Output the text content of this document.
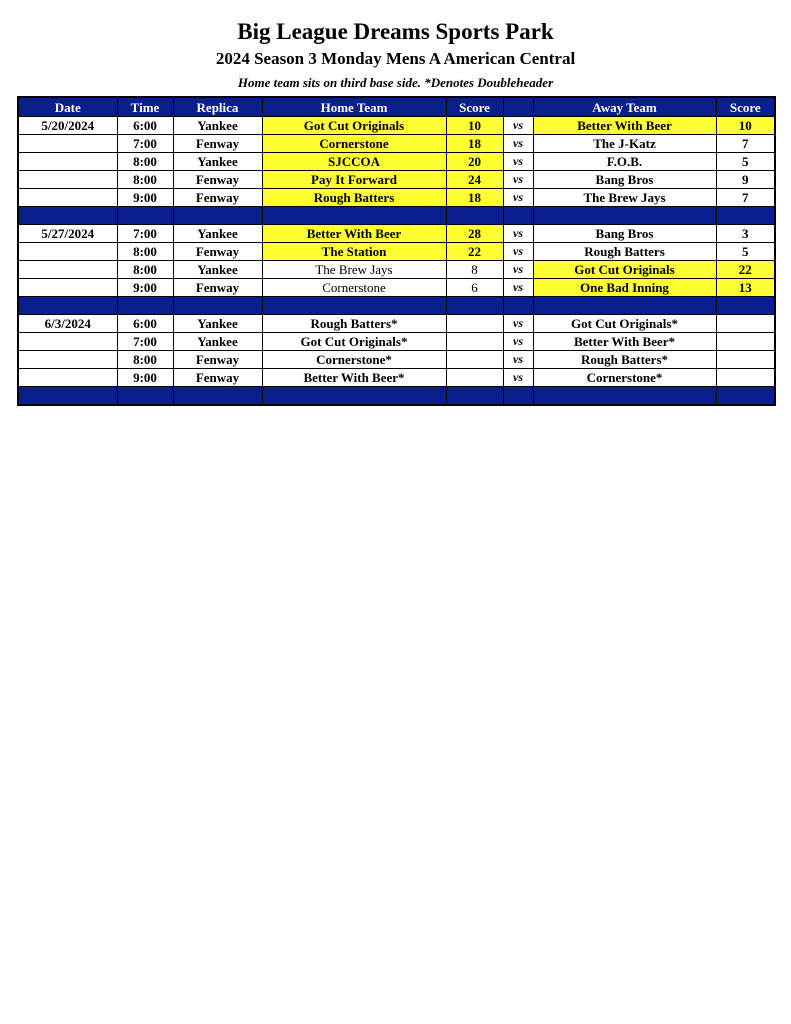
Big League Dreams Sports Park
2024 Season 3 Monday Mens A American Central
Home team sits on third base side. *Denotes Doubleheader
Date	Time	Replica	Home Team	Score		Away Team	Score
5/20/2024	6:00	Yankee	Got Cut Originals	10	vs	Better With Beer	10
	7:00	Fenway	Cornerstone	18	vs	The J-Katz	7
	8:00	Yankee	SJCCOA	20	vs	F.O.B.	5
	8:00	Fenway	Pay It Forward	24	vs	Bang Bros	9
	9:00	Fenway	Rough Batters	18	vs	The Brew Jays	7

5/27/2024	7:00	Yankee	Better With Beer	28	vs	Bang Bros	3
	8:00	Fenway	The Station	22	vs	Rough Batters	5
	8:00	Yankee	The Brew Jays	8	vs	Got Cut Originals	22
	9:00	Fenway	Cornerstone	6	vs	One Bad Inning	13

6/3/2024	6:00	Yankee	Rough Batters*		vs	Got Cut Originals*	
	7:00	Yankee	Got Cut Originals*		vs	Better With Beer*	
	8:00	Fenway	Cornerstone*		vs	Rough Batters*	
	9:00	Fenway	Better With Beer*		vs	Cornerstone*	
